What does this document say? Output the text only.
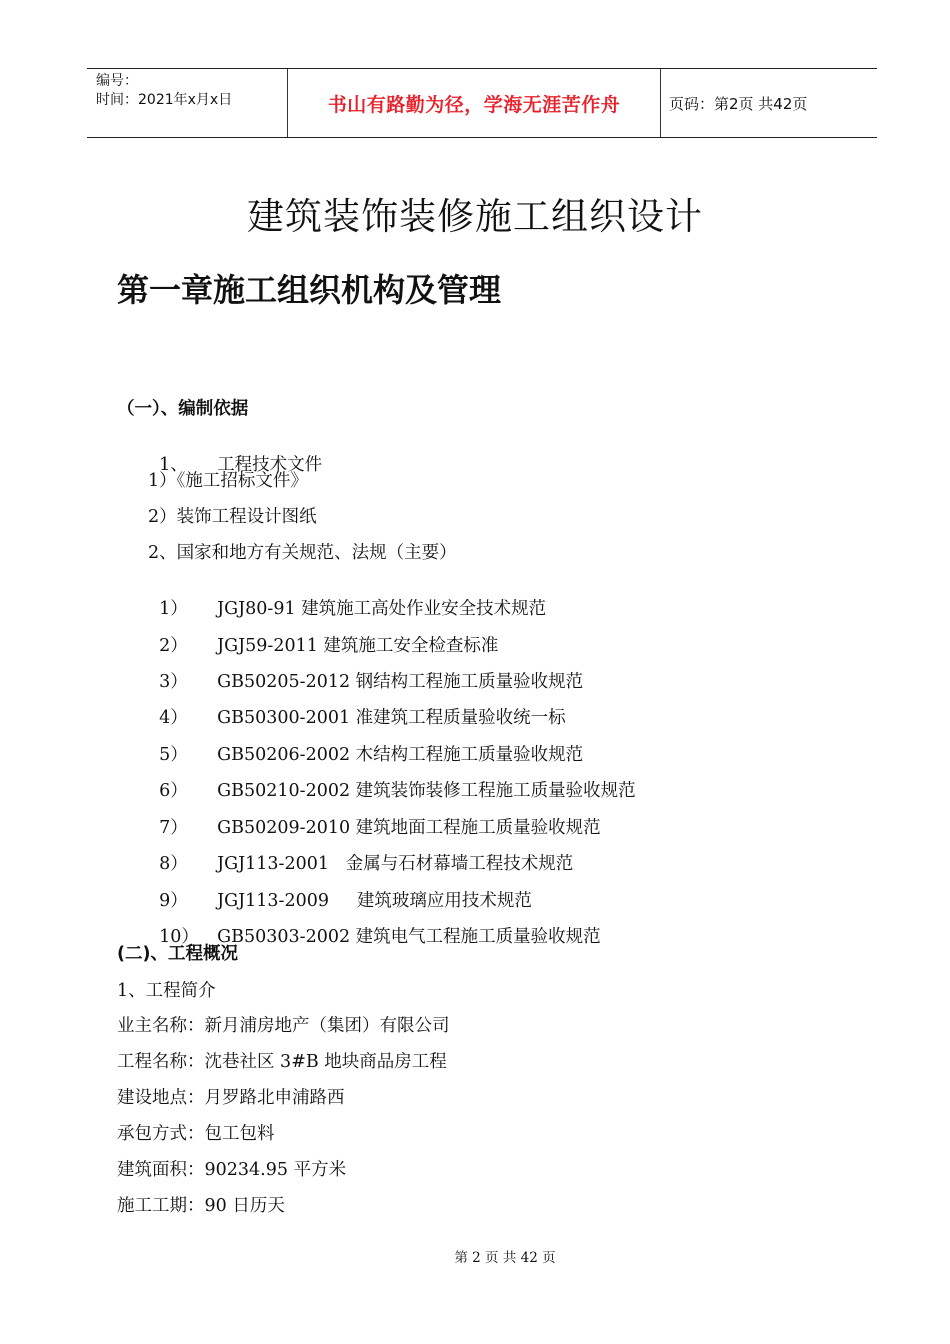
编号：
时间：2021年x月x日	书山有路勤为径，学海无涯苦作舟	页码：第2页 共42页
建筑装饰装修施工组织设计
第一章施工组织机构及管理
（一）、编制依据

1、 工程技术文件

1）《施工招标文件》
2）装饰工程设计图纸
2、国家和地方有关规范、法规（主要）

1） JGJ80-91 建筑施工高处作业安全技术规范

2） JGJ59-2011 建筑施工安全检查标准

3） GB50205-2012 钢结构工程施工质量验收规范

4） GB50300-2001 准建筑工程质量验收统一标

5） GB50206-2002 木结构工程施工质量验收规范

6） GB50210-2002 建筑装饰装修工程施工质量验收规范

7） GB50209-2010 建筑地面工程施工质量验收规范

8） JGJ113-2001   金属与石材幕墙工程技术规范

9） JGJ113-2009     建筑玻璃应用技术规范

10） GB50303-2002 建筑电气工程施工质量验收规范

(二)、工程概况
1、工程简介
业主名称：新月浦房地产（集团）有限公司
工程名称：沈巷社区 3#B 地块商品房工程
建设地点：月罗路北申浦路西
承包方式：包工包料
建筑面积：90234.95 平方米
施工工期：90 日历天
第 2 页 共 42 页
